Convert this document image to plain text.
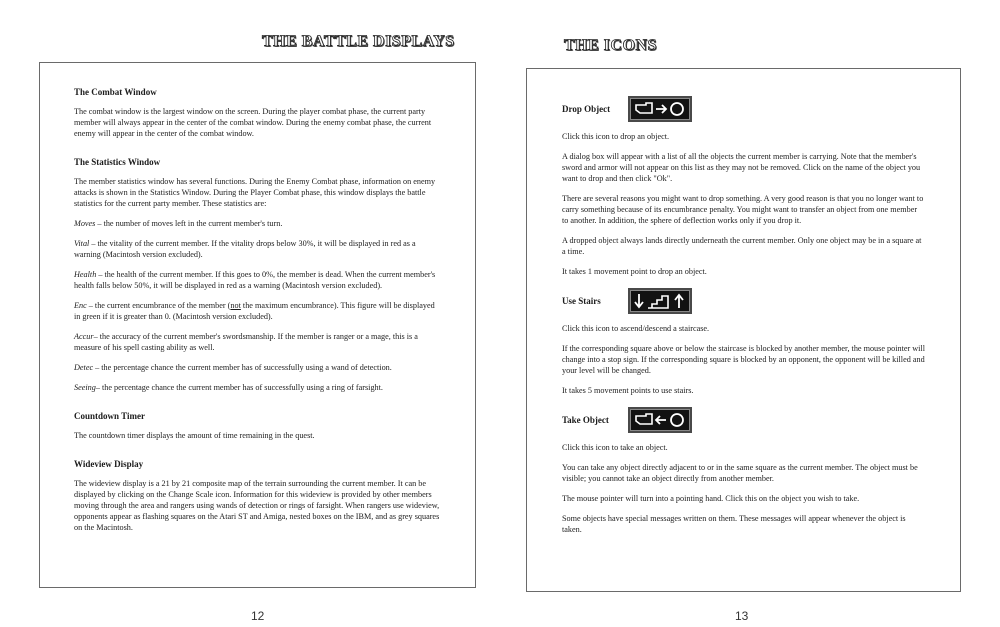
THE BATTLE DISPLAYS

The Combat Window

The combat window is the largest window on the screen. During the player combat phase, the current party member will always appear in the center of the combat window. During the enemy combat phase, the current enemy will appear in the center of the combat window.

The Statistics Window

The member statistics window has several functions. During the Enemy Combat phase, information on enemy attacks is shown in the Statistics Window. During the Player Combat phase, this window displays the battle statistics for the current party member. These statistics are:

Moves – the number of moves left in the current member's turn.

Vital – the vitality of the current member. If the vitality drops below 30%, it will be displayed in red as a warning (Macintosh version excluded).

Health – the health of the current member. If this goes to 0%, the member is dead. When the current member's health falls below 50%, it will be displayed in red as a warning (Macintosh version excluded).

Enc – the current encumbrance of the member (not the maximum encumbrance). This figure will be displayed in green if it is greater than 0. (Macintosh version excluded).

Accur– the accuracy of the current member's swordsmanship. If the member is ranger or a mage, this is a measure of his spell casting ability as well.

Detec – the percentage chance the current member has of successfully using a wand of detection.

Seeing– the percentage chance the current member has of successfully using a ring of farsight.

Countdown Timer

The countdown timer displays the amount of time remaining in the quest.

Wideview Display

The wideview display is a 21 by 21 composite map of the terrain surrounding the current member. It can be displayed by clicking on the Change Scale icon. Information for this wideview is provided by other members moving through the area and rangers using wands of detection or rings of farsight. When rangers use wideview, opponents appear as flashing squares on the Atari ST and Amiga, nested boxes on the IBM, and as grey squares on the Macintosh.

12
THE ICONS

Drop Object

Click this icon to drop an object.

A dialog box will appear with a list of all the objects the current member is carrying. Note that the member's sword and armor will not appear on this list as they may not be removed. Click on the name of the object you want to drop and then click "Ok".

There are several reasons you might want to drop something. A very good reason is that you no longer want to carry something because of its encumbrance penalty. You might want to transfer an object from one member to another. In addition, the sphere of deflection works only if you drop it.

A dropped object always lands directly underneath the current member. Only one object may be in a square at a time.

It takes 1 movement point to drop an object.

Use Stairs

Click this icon to ascend/descend a staircase.

If the corresponding square above or below the staircase is blocked by another member, the mouse pointer will change into a stop sign. If the corresponding square is blocked by an opponent, the opponent will be killed and your level will be changed.

It takes 5 movement points to use stairs.

Take Object

Click this icon to take an object.

You can take any object directly adjacent to or in the same square as the current member. The object must be visible; you cannot take an object directly from another member.

The mouse pointer will turn into a pointing hand. Click this on the object you wish to take.

Some objects have special messages written on them. These messages will appear whenever the object is taken.

13
